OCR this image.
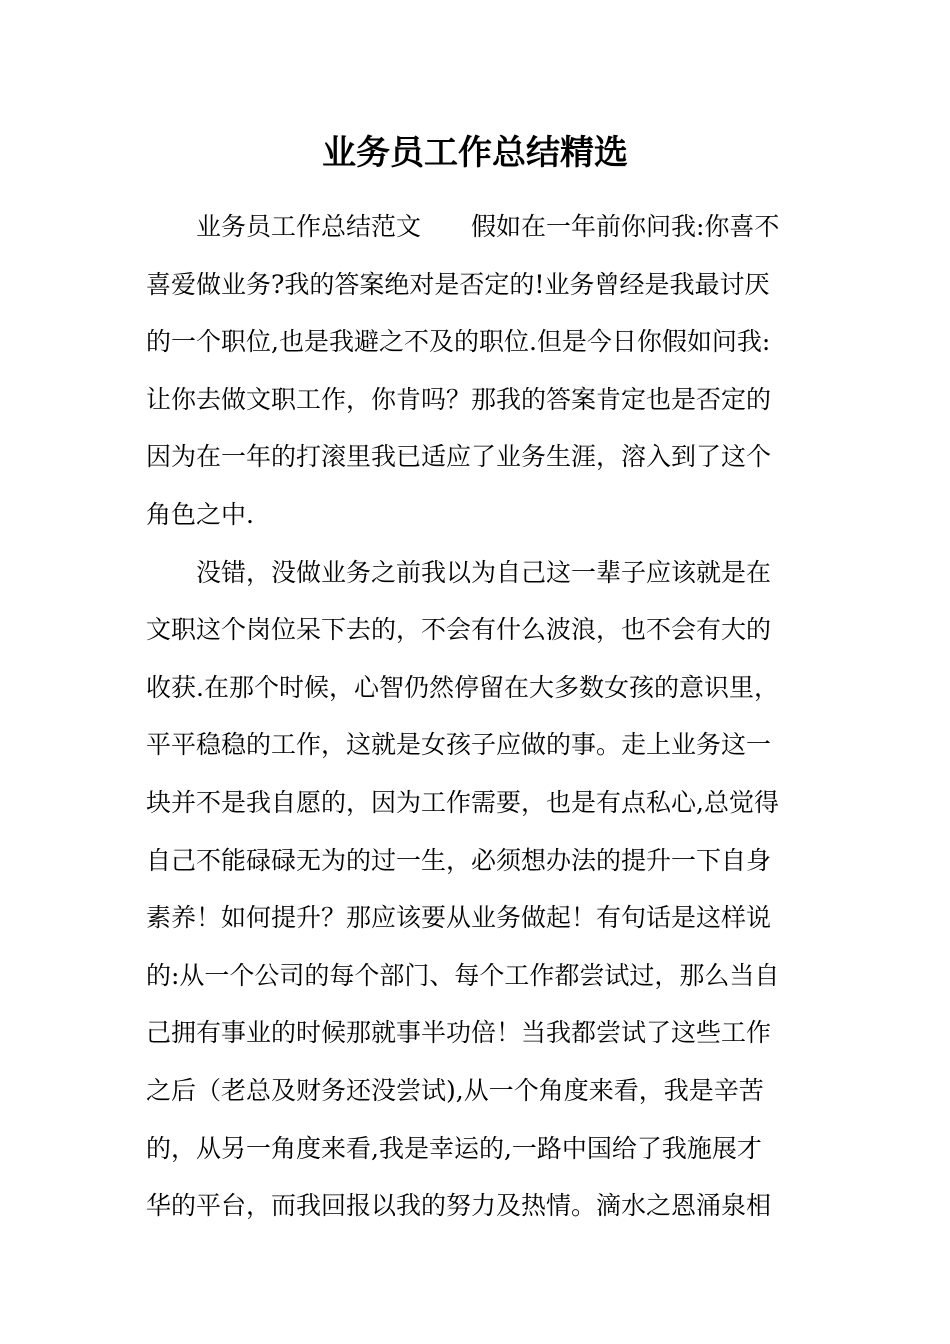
业务员工作总结精选
业务员工作总结范文　　假如在一年前你问我:你喜不
喜爱做业务?我的答案绝对是否定的!业务曾经是我最讨厌
的一个职位,也是我避之不及的职位.但是今日你假如问我:
让你去做文职工作，你肯吗？那我的答案肯定也是否定的
因为在一年的打滚里我已适应了业务生涯，溶入到了这个
角色之中.
没错，没做业务之前我以为自己这一辈子应该就是在
文职这个岗位呆下去的，不会有什么波浪，也不会有大的
收获.在那个时候，心智仍然停留在大多数女孩的意识里，
平平稳稳的工作，这就是女孩子应做的事。走上业务这一
块并不是我自愿的，因为工作需要，也是有点私心,总觉得
自己不能碌碌无为的过一生，必须想办法的提升一下自身
素养！如何提升？那应该要从业务做起！有句话是这样说
的:从一个公司的每个部门、每个工作都尝试过，那么当自
己拥有事业的时候那就事半功倍！当我都尝试了这些工作
之后（老总及财务还没尝试),从一个角度来看，我是辛苦
的，从另一角度来看,我是幸运的,一路中国给了我施展才
华的平台，而我回报以我的努力及热情。滴水之恩涌泉相
